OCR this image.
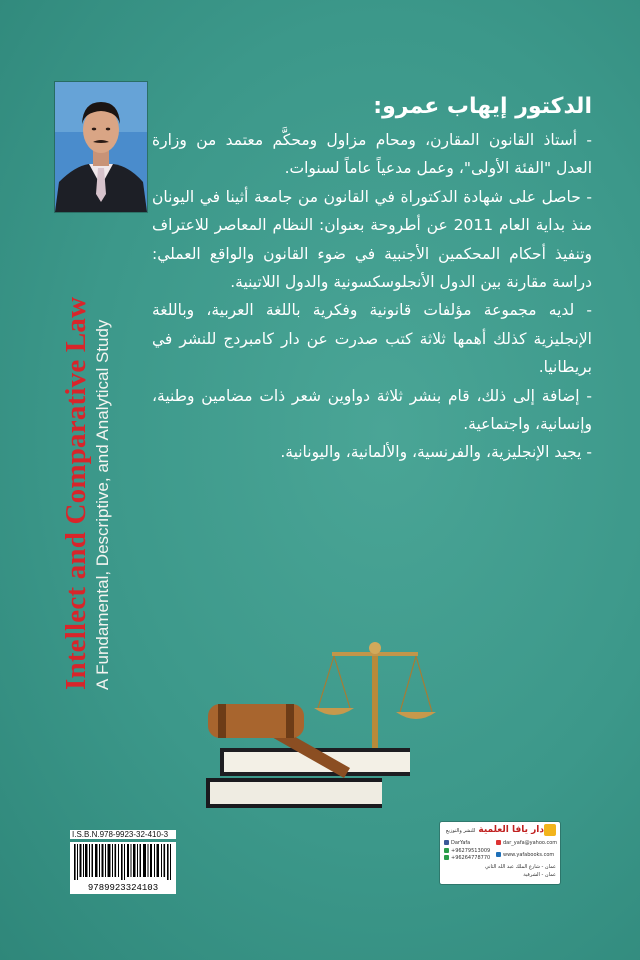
Intellect and Comparative Law A Fundamental, Descriptive, and Analytical Study
الدكتور إيهاب عمرو:

- أستاذ القانون المقارن، ومحام مزاول ومحكَّم معتمد من وزارة العدل "الفئة الأولى"، وعمل مدعياً عاماً لسنوات.

- حاصل على شهادة الدكتوراة في القانون من جامعة أثينا في اليونان منذ بداية العام 2011 عن أطروحة بعنوان: النظام المعاصر للاعتراف وتنفيذ أحكام المحكمين الأجنبية في ضوء القانون والواقع العملي: دراسة مقارنة بين الدول الأنجلوسكسونية والدول اللاتينية.

- لديه مجموعة مؤلفات قانونية وفكرية باللغة العربية، وباللغة الإنجليزية كذلك أهمها ثلاثة كتب صدرت عن دار كامبردج للنشر في بريطانيا.

- إضافة إلى ذلك، قام بنشر ثلاثة دواوين شعر ذات مضامين وطنية، وإنسانية، واجتماعية.

- يجيد الإنجليزية، والفرنسية، والألمانية، واليونانية.

I.S.B.N.978-9923-32-410-3
9789923324103
دار يافا العلمية للنشر والتوزيع
DarYafa	dar_yafa@yahoo.com
+96279513009
+96264778770	www.yafabooks.com
عمان - شارع الملك عبد الله الثاني
عمان - الشرقية
